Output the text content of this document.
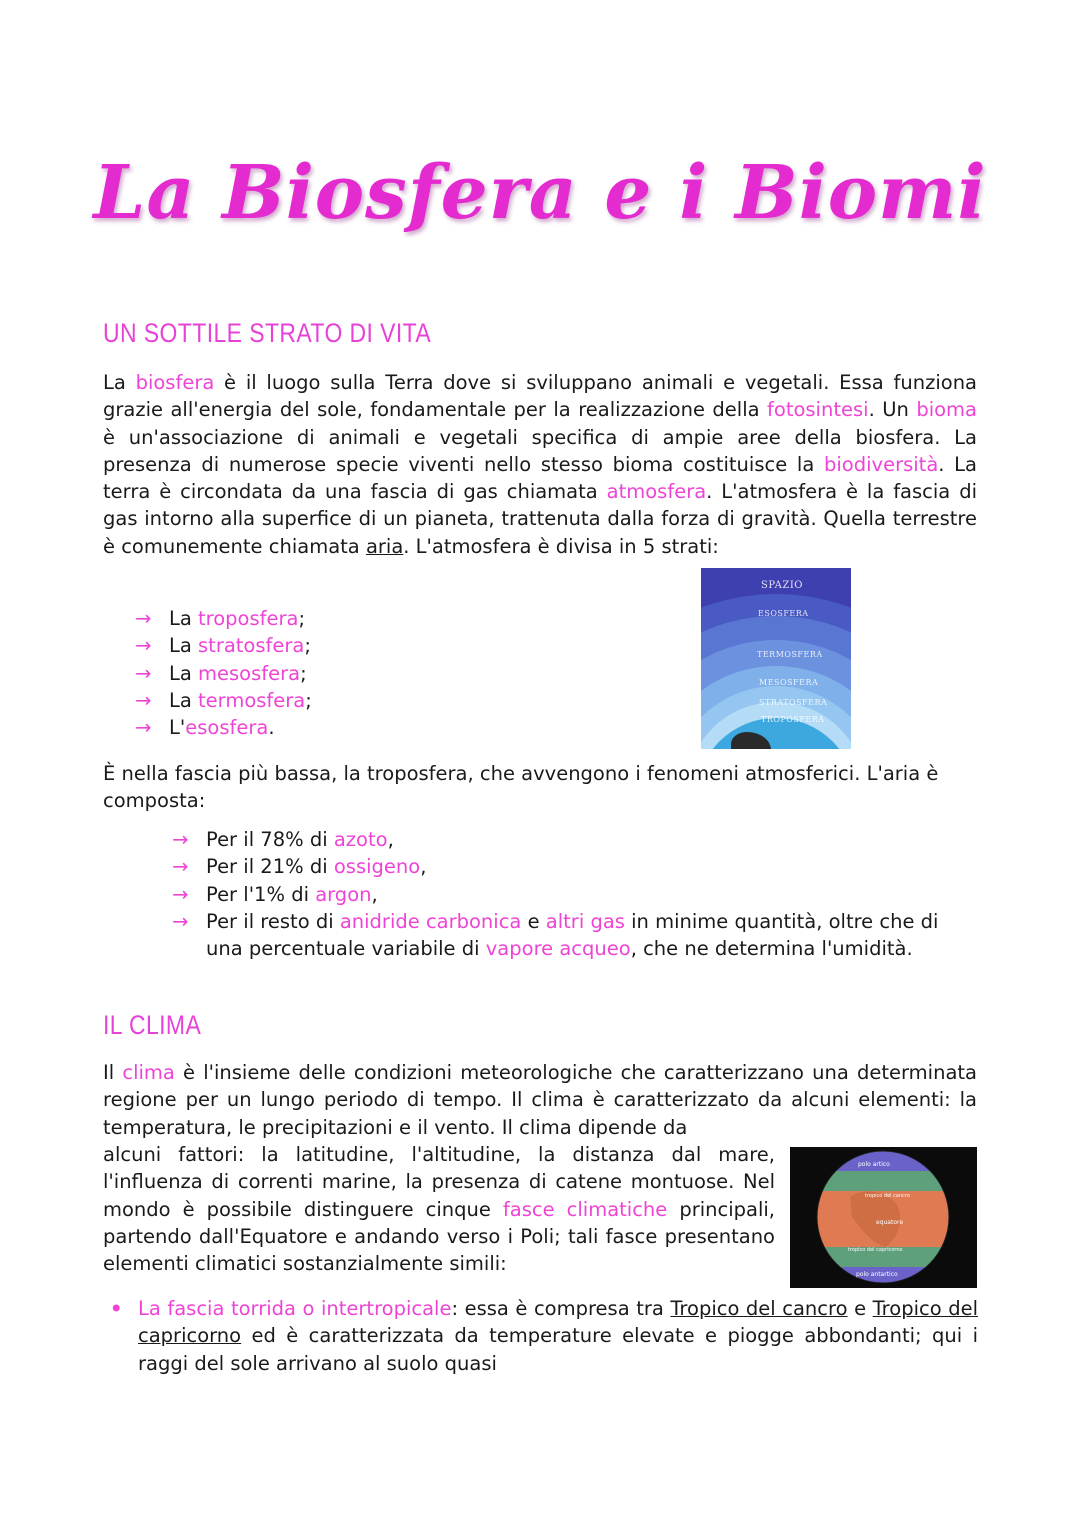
La Biosfera e i Biomi
UN SOTTILE STRATO DI VITA

La biosfera è il luogo sulla Terra dove si sviluppano animali e vegetali. Essa funziona grazie all'energia del sole, fondamentale per la realizzazione della fotosintesi. Un bioma è un'associazione di animali e vegetali specifica di ampie aree della biosfera. La presenza di numerose specie viventi nello stesso bioma costituisce la biodiversità. La terra è circondata da una fascia di gas chiamata atmosfera. L'atmosfera è la fascia di gas intorno alla superfice di un pianeta, trattenuta dalla forza di gravità. Quella terrestre è comunemente chiamata aria. L'atmosfera è divisa in 5 strati:

→ La troposfera;
→ La stratosfera;
→ La mesosfera;
→ La termosfera;
→ L'esosfera.
SPAZIO
ESOSFERA
TERMOSFERA
MESOSFERA
STRATOSFERA
TROPOSFERA

È nella fascia più bassa, la troposfera, che avvengono i fenomeni atmosferici. L'aria è composta:

→ Per il 78% di azoto,
→ Per il 21% di ossigeno,
→ Per l'1% di argon,
→ Per il resto di anidride carbonica e altri gas in minime quantità, oltre che di una percentuale variabile di vapore acqueo, che ne determina l'umidità.
IL CLIMA

Il clima è l'insieme delle condizioni meteorologiche che caratterizzano una determinata regione per un lungo periodo di tempo. Il clima è caratterizzato da alcuni elementi: la temperatura, le precipitazioni e il vento. Il clima dipende da

alcuni fattori: la latitudine, l'altitudine, la distanza dal mare, l'influenza di correnti marine, la presenza di catene montuose. Nel mondo è possibile distinguere cinque fasce climatiche principali, partendo dall'Equatore e andando verso i Poli; tali fasce presentano elementi climatici sostanzialmente simili:

polo artico
tropico del cancro
equatore
tropico del capricorno
polo antartico
• La fascia torrida o intertropicale: essa è compresa tra Tropico del cancro e Tropico del capricorno ed è caratterizzata da temperature elevate e piogge abbondanti; qui i raggi del sole arrivano al suolo quasi
